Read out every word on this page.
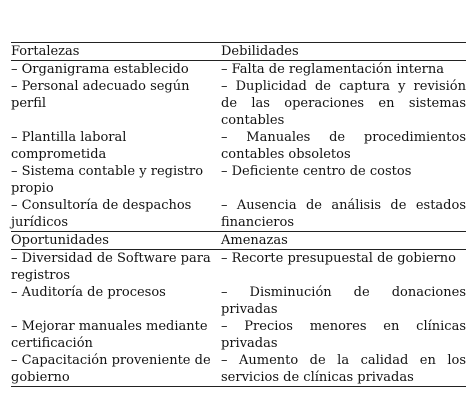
Fortalezas	Debilidades
– Organigrama establecido	– Falta de reglamentación interna
– Personal adecuado según perfil	– Duplicidad de captura y revisión de las operaciones en sistemas contables
– Plantilla laboral comprometida	– Manuales de procedimientos contables obsoletos
– Sistema contable y registro propio	– Deficiente centro de costos
– Consultoría de despachos jurídicos	– Ausencia de análisis de estados financieros
Oportunidades	Amenazas
– Diversidad de Software para registros	– Recorte presupuestal de gobierno
– Auditoría de procesos	– Disminución de donaciones privadas
– Mejorar manuales mediante certificación	– Precios menores en clínicas privadas
– Capacitación proveniente de gobierno	– Aumento de la calidad en los servicios de clínicas privadas
